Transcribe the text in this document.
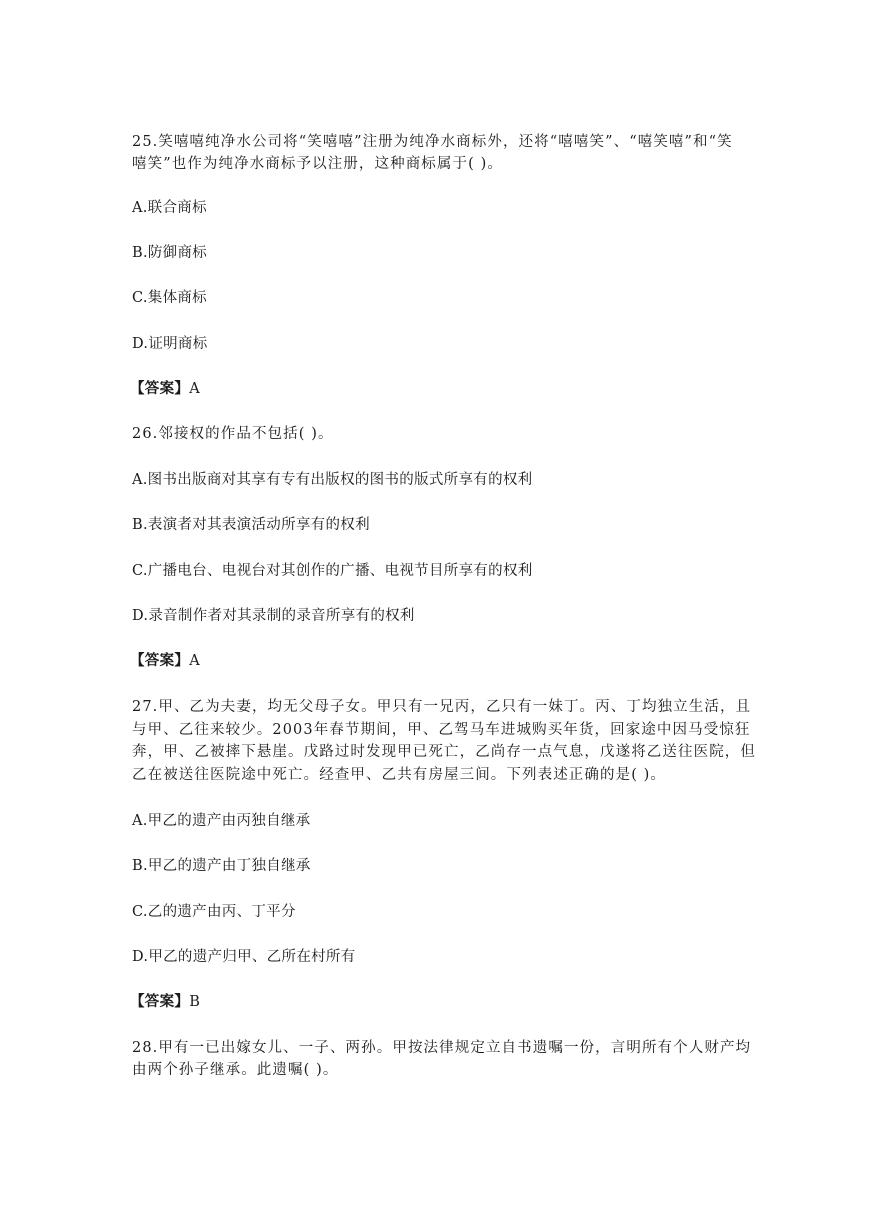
25.笑嘻嘻纯净水公司将“笑嘻嘻”注册为纯净水商标外，还将“嘻嘻笑”、“嘻笑嘻”和“笑
嘻笑”也作为纯净水商标予以注册，这种商标属于( )。
A.联合商标
B.防御商标
C.集体商标
D.证明商标
【答案】A
26.邻接权的作品不包括( )。
A.图书出版商对其享有专有出版权的图书的版式所享有的权利
B.表演者对其表演活动所享有的权利
C.广播电台、电视台对其创作的广播、电视节目所享有的权利
D.录音制作者对其录制的录音所享有的权利
【答案】A
27.甲、乙为夫妻，均无父母子女。甲只有一兄丙，乙只有一妹丁。丙、丁均独立生活，且
与甲、乙往来较少。2003年春节期间，甲、乙驾马车进城购买年货，回家途中因马受惊狂
奔，甲、乙被摔下悬崖。戊路过时发现甲已死亡，乙尚存一点气息，戊遂将乙送往医院，但
乙在被送往医院途中死亡。经查甲、乙共有房屋三间。下列表述正确的是( )。
A.甲乙的遗产由丙独自继承
B.甲乙的遗产由丁独自继承
C.乙的遗产由丙、丁平分
D.甲乙的遗产归甲、乙所在村所有
【答案】B
28.甲有一已出嫁女儿、一子、两孙。甲按法律规定立自书遗嘱一份，言明所有个人财产均
由两个孙子继承。此遗嘱( )。
